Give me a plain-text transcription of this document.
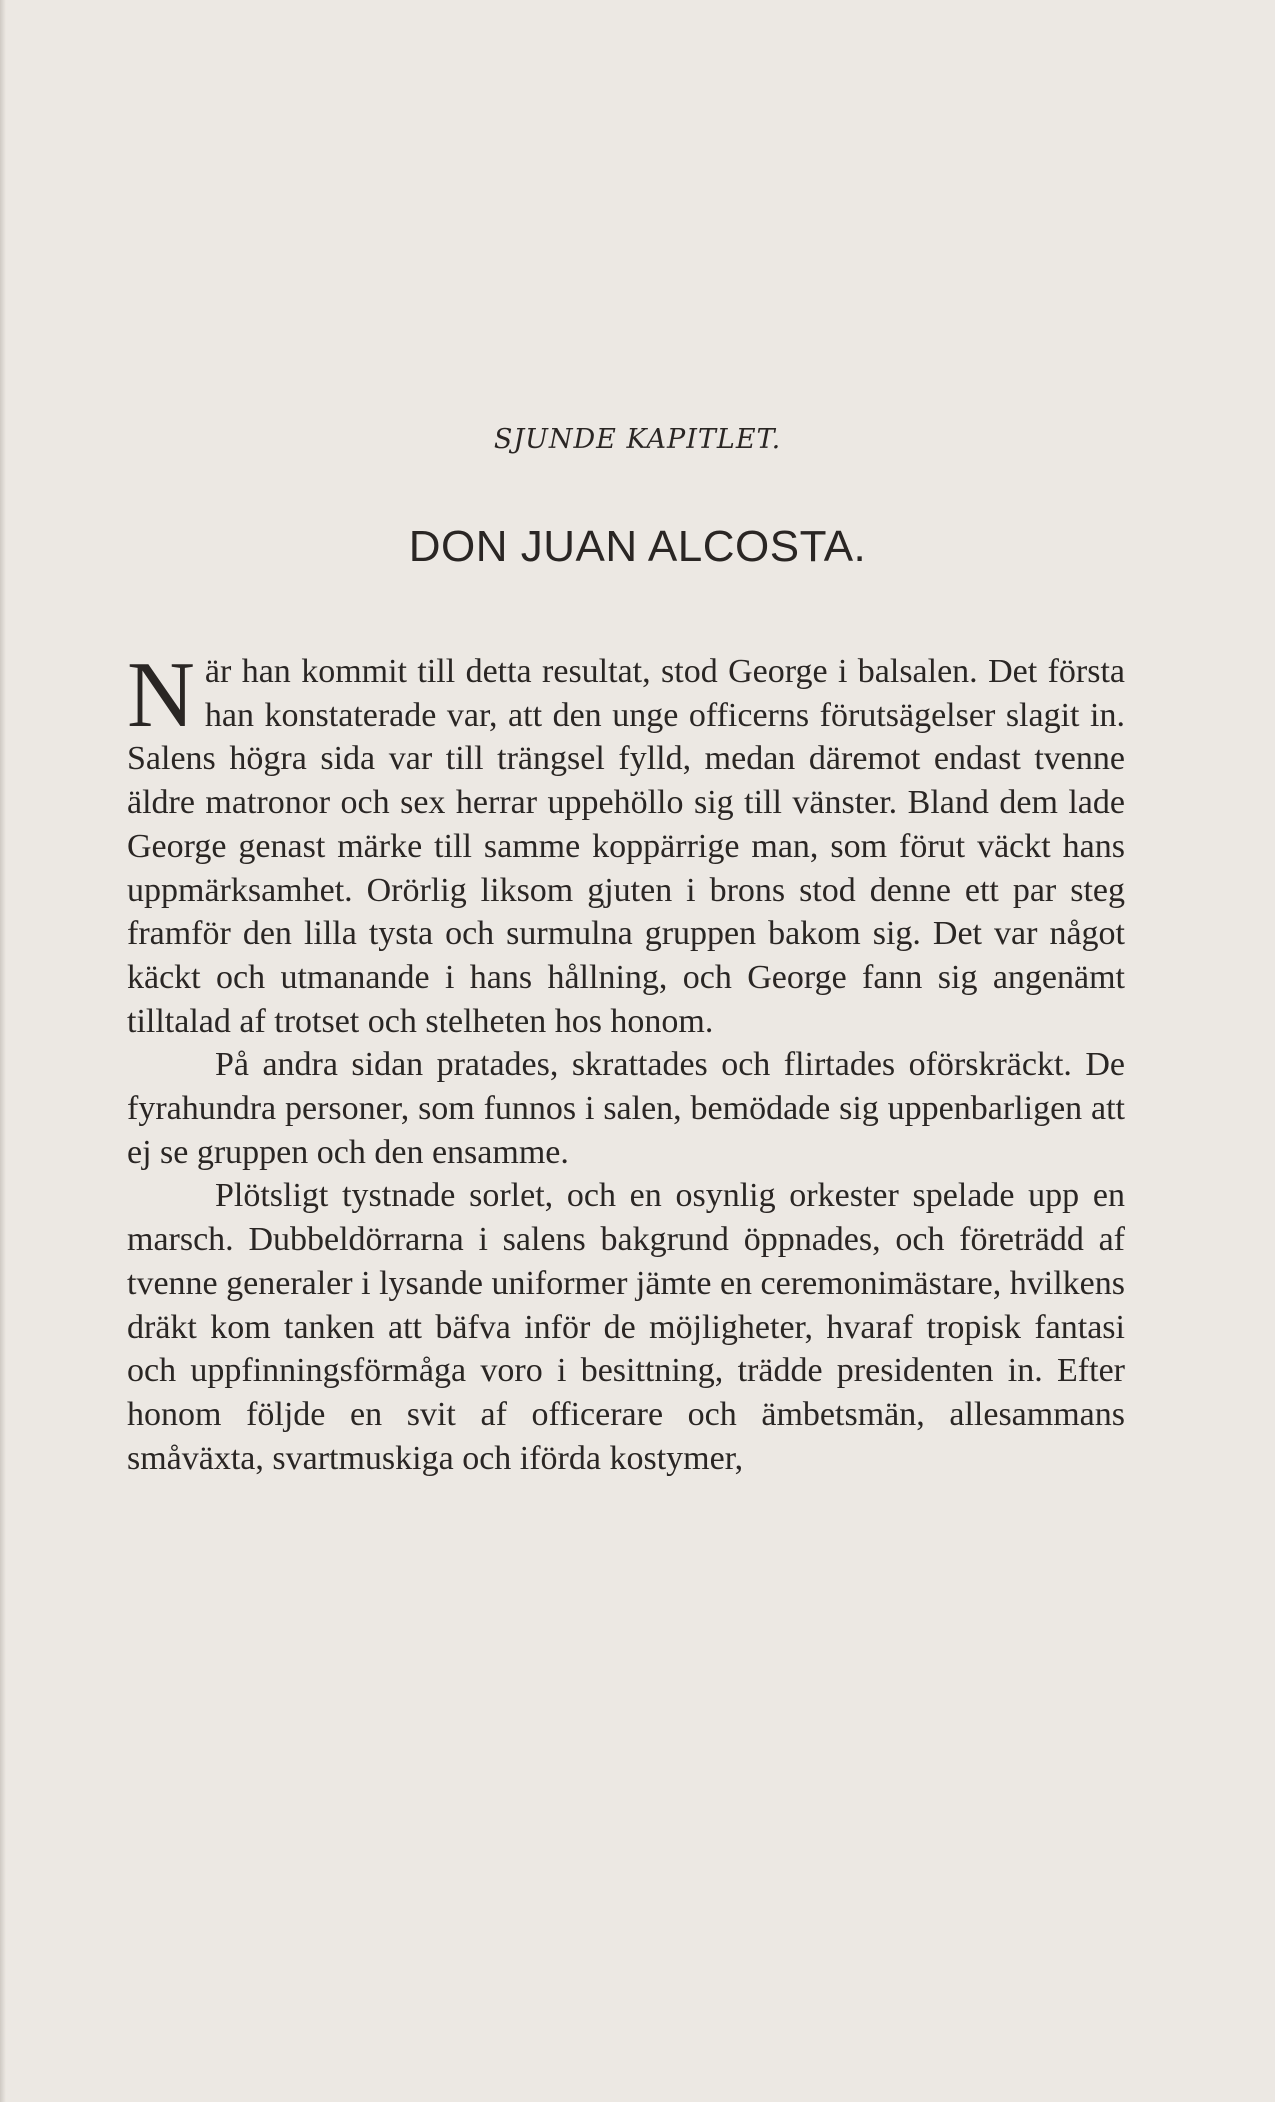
SJUNDE KAPITLET.
DON JUAN ALCOSTA.

När han kommit till detta resultat, stod George i balsalen. Det första han konstaterade var, att den unge officerns förutsägelser slagit in. Salens högra sida var till trängsel fylld, medan däremot endast tvenne äldre matronor och sex herrar uppehöllo sig till vänster. Bland dem lade George genast märke till samme koppärrige man, som förut väckt hans uppmärksamhet. Orörlig liksom gjuten i brons stod denne ett par steg framför den lilla tysta och surmulna gruppen bakom sig. Det var något käckt och utmanande i hans hållning, och George fann sig angenämt tilltalad af trotset och stelheten hos honom.

På andra sidan pratades, skrattades och flirtades oförskräckt. De fyrahundra personer, som funnos i salen, bemödade sig uppenbarligen att ej se gruppen och den ensamme.

Plötsligt tystnade sorlet, och en osynlig orkester spelade upp en marsch. Dubbeldörrarna i salens bakgrund öppnades, och företrädd af tvenne generaler i lysande uniformer jämte en ceremonimästare, hvilkens dräkt kom tanken att bäfva inför de möjligheter, hvaraf tropisk fantasi och uppfinningsförmåga voro i besittning, trädde presidenten in. Efter honom följde en svit af officerare och ämbetsmän, allesammans småväxta, svartmuskiga och iförda kostymer,
